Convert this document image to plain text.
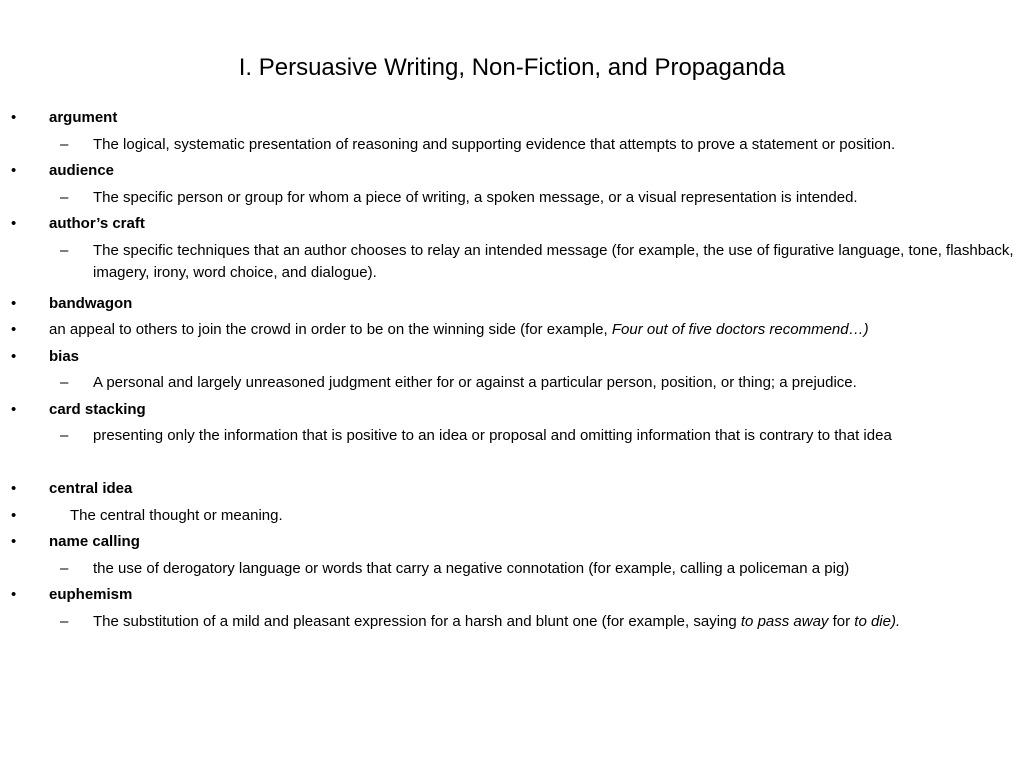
I. Persuasive Writing, Non-Fiction, and Propaganda
• argument
– The logical, systematic presentation of reasoning and supporting evidence that attempts to prove a statement or position.
• audience
– The specific person or group for whom a piece of writing, a spoken message, or a visual representation is intended.
• author’s craft
– The specific techniques that an author chooses to relay an intended message (for example, the use of figurative language, tone, flashback, imagery, irony, word choice, and dialogue).
• bandwagon
• an appeal to others to join the crowd in order to be on the winning side (for example, Four out of five doctors recommend…)
• bias
– A personal and largely unreasoned judgment either for or against a particular person, position, or thing; a prejudice.
• card stacking
– presenting only the information that is positive to an idea or proposal and omitting information that is contrary to that idea
• central idea
•	The central thought or meaning.
• name calling
– the use of derogatory language or words that carry a negative connotation (for example, calling a policeman a pig)
• euphemism
– The substitution of a mild and pleasant expression for a harsh and blunt one (for example, saying to pass away for to die).
